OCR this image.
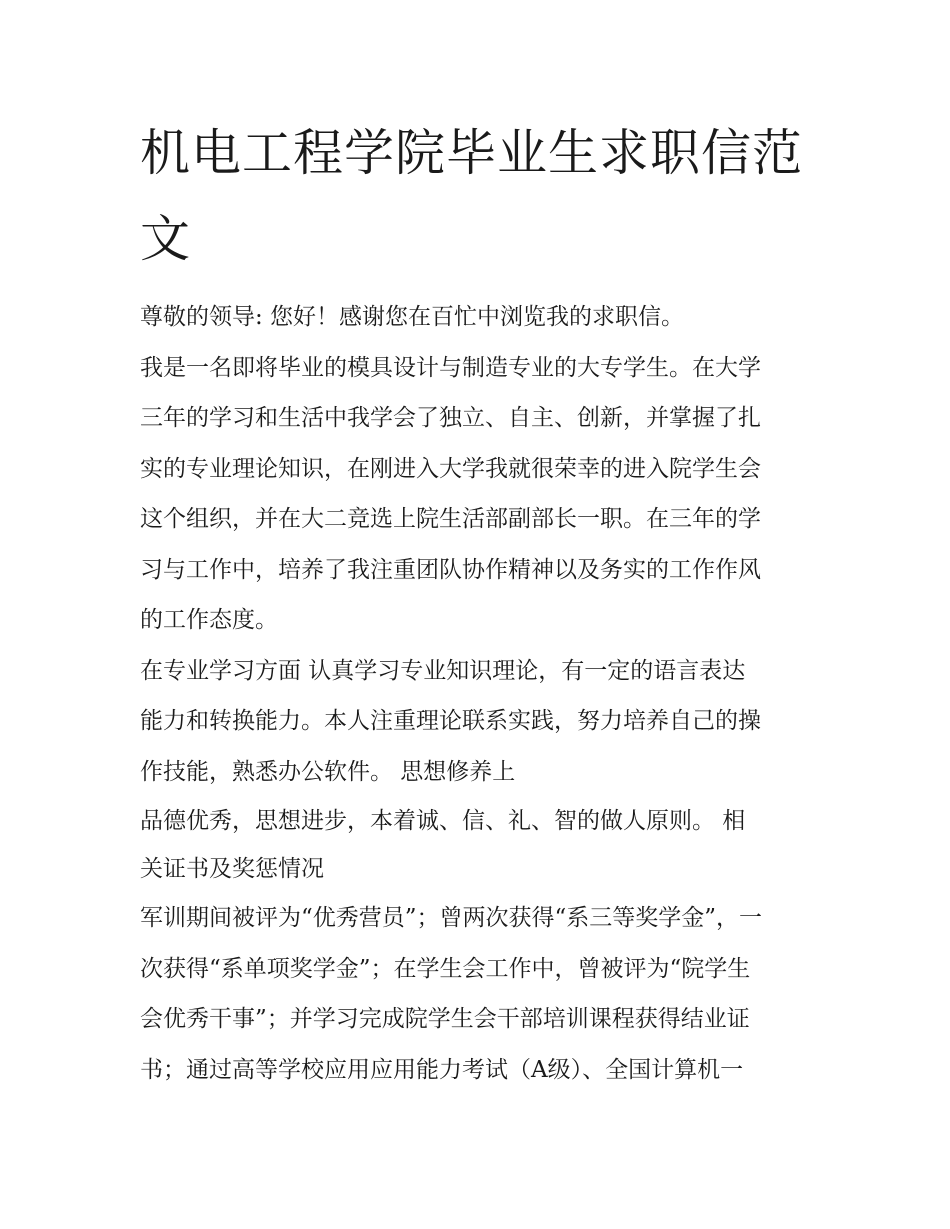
机电工程学院毕业生求职信范
文
尊敬的领导: 您好！感谢您在百忙中浏览我的求职信。
我是一名即将毕业的模具设计与制造专业的大专学生。在大学
三年的学习和生活中我学会了独立、自主、创新，并掌握了扎
实的专业理论知识，在刚进入大学我就很荣幸的进入院学生会
这个组织，并在大二竞选上院生活部副部长一职。在三年的学
习与工作中，培养了我注重团队协作精神以及务实的工作作风
的工作态度。
在专业学习方面 认真学习专业知识理论，有一定的语言表达
能力和转换能力。本人注重理论联系实践，努力培养自己的操
作技能，熟悉办公软件。 思想修养上
品德优秀，思想进步，本着诚、信、礼、智的做人原则。 相
关证书及奖惩情况
军训期间被评为“优秀营员”；曾两次获得“系三等奖学金”，一
次获得“系单项奖学金”；在学生会工作中，曾被评为“院学生
会优秀干事”；并学习完成院学生会干部培训课程获得结业证
书；通过高等学校应用应用能力考试（A级）、全国计算机一
